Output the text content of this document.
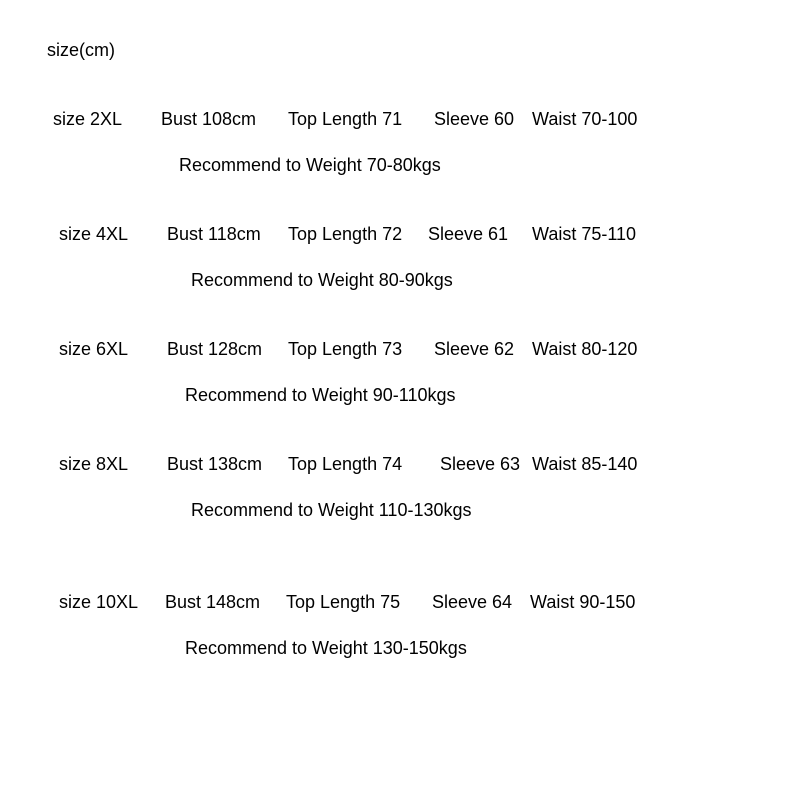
size(cm)
size 2XL Bust 108cm Top Length 71 Sleeve 60 Waist 70-100
Recommend to Weight 70-80kgs
size 4XL Bust 118cm Top Length 72 Sleeve 61 Waist 75-110
Recommend to Weight 80-90kgs
size 6XL Bust 128cm Top Length 73 Sleeve 62 Waist 80-120
Recommend to Weight 90-110kgs
size 8XL Bust 138cm Top Length 74 Sleeve 63 Waist 85-140
Recommend to Weight 110-130kgs
size 10XL Bust 148cm Top Length 75 Sleeve 64 Waist 90-150
Recommend to Weight 130-150kgs
